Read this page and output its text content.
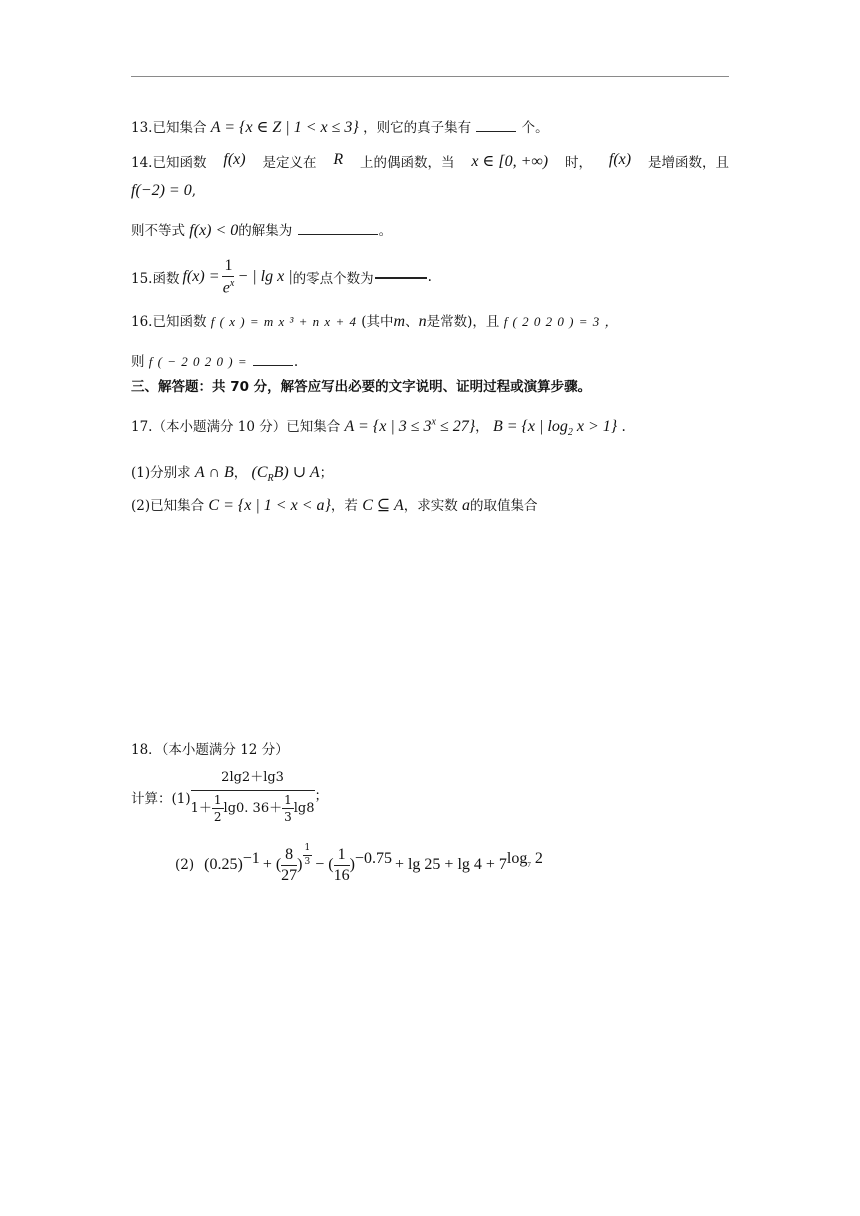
13.已知集合 A = {x ∈ Z | 1 < x ≤ 3} ，则它的真子集有	个。
14.已知函数 f(x) 是定义在 R 上的偶函数，当 x ∈ [0, +∞) 时， f(x) 是增函数，且
f(−2) = 0,
则不等式 f(x) < 0的解集为	。
15.函数 $f(x) = \frac{1}{e^x}$ − | lg x | 的零点个数为	.
16.已知函数 f ( x ) = m x ³ + n x + 4 (其中m、n是常数)，且 f ( 2 0 2 0 ) = 3 ，
则 f ( − 2 0 2 0 ) =	.
三、解答题：共 70 分，解答应写出必要的文字说明、证明过程或演算步骤。
17.（本小题满分 10 分）已知集合 A = {x | $3 \le 3^x \le 27$}， B = {x | $\log_2 x > 1$} .
(1)分别求 A ∩ B， $(C_RB)$ ∪ A；
(2)已知集合 C = {x | 1 < x < a}，若 C ⊆ A，求实数 a的取值集合
18．（本小题满分 12 分）
计算：$(1) \frac{2\lg 2+\lg 3}{1+ \frac{1}{2} \lg 0. 36+ \frac{1}{3} \lg 8}$ ；
(2) (0.25) −1 + ( $\frac{8}{27}$ ) $\frac{1}{3}$ − ( $\frac{1}{16}$ ) −0.75 + lg 25 + lg 4 + 7 $\log_7 2$
